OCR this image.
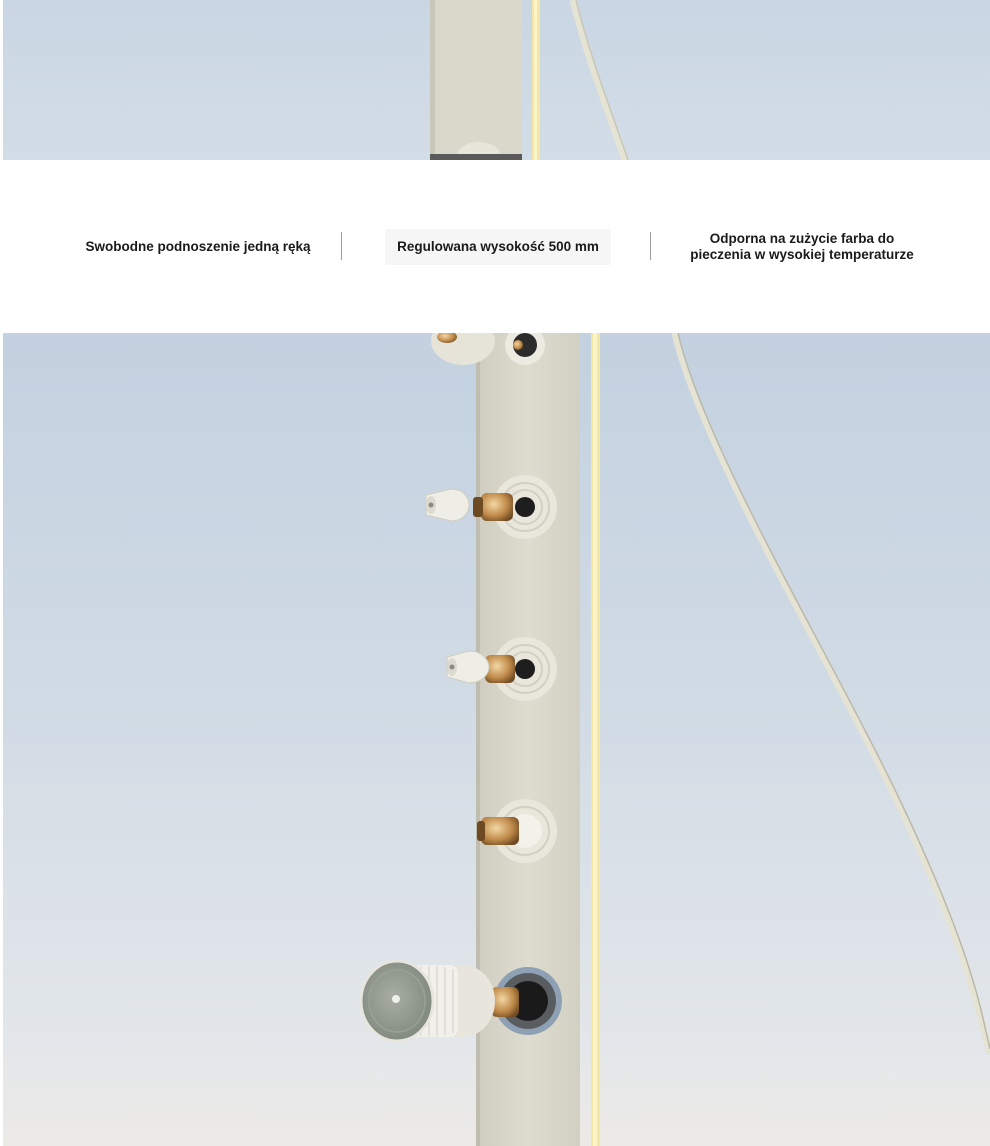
Swobodne podnoszenie jedną ręką	Regulowana wysokość 500 mm
Odporna na zużycie farba do
pieczenia w wysokiej temperaturze
